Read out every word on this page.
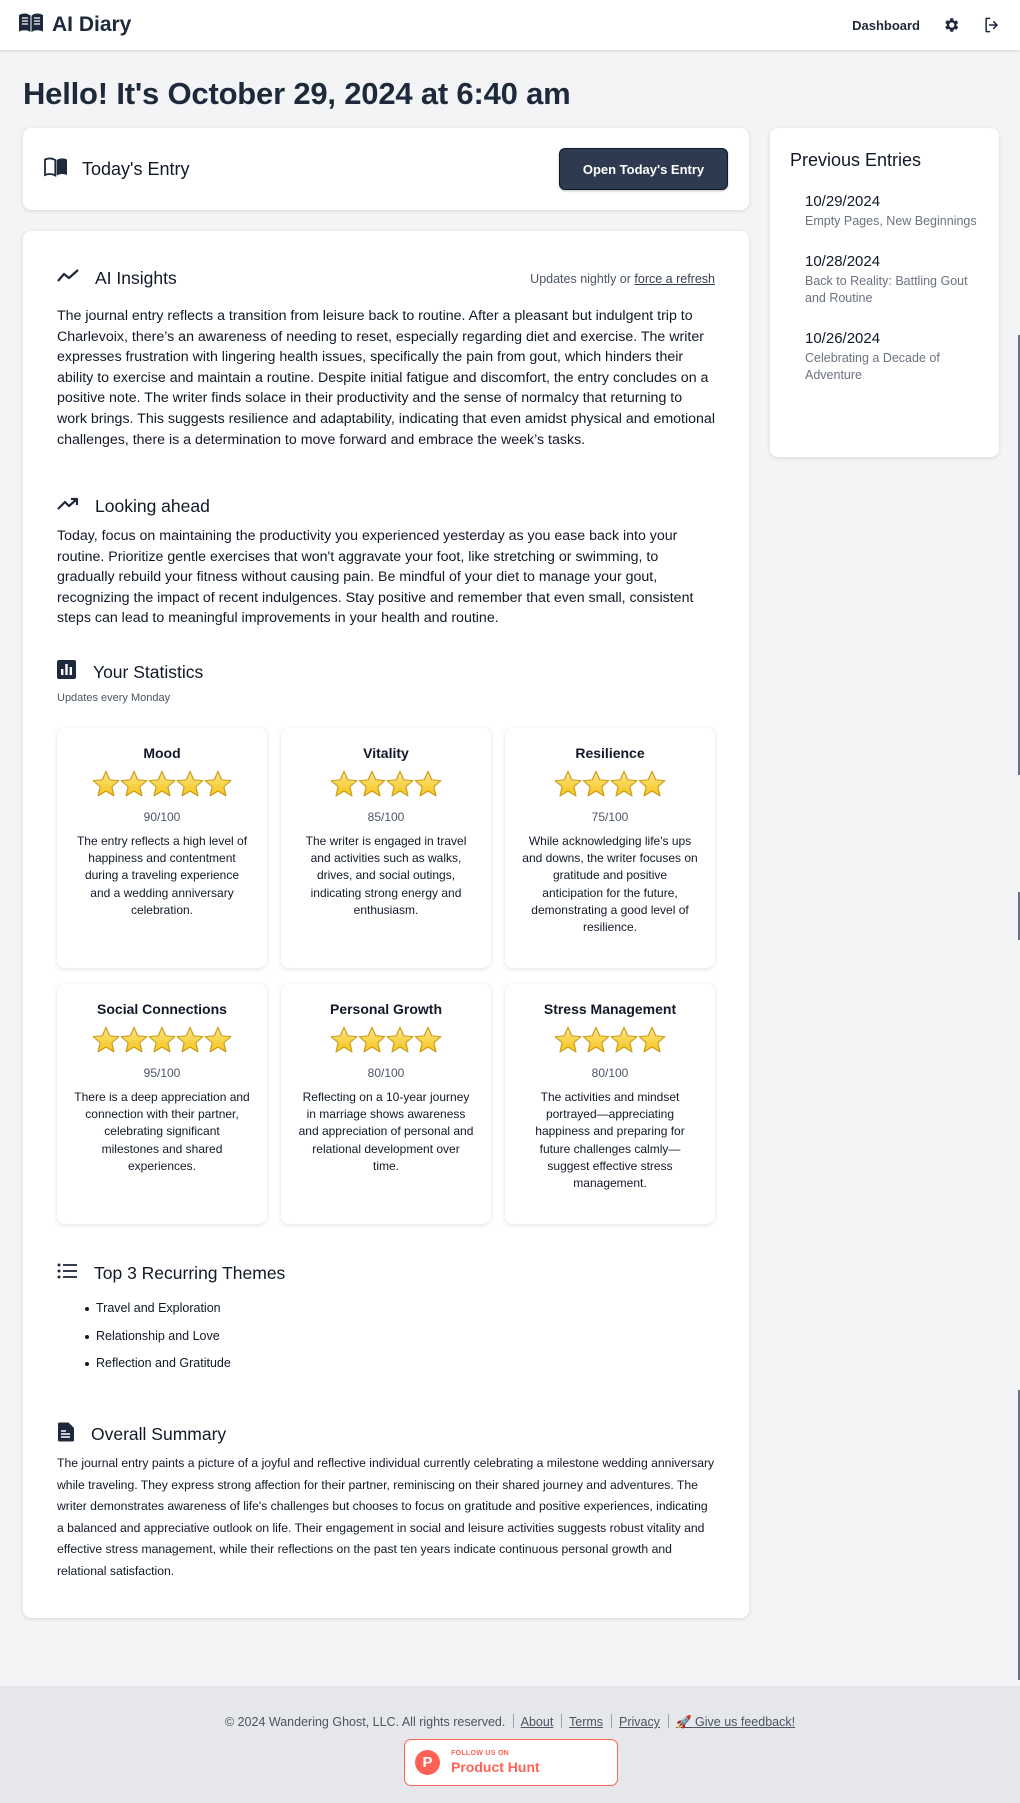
AI Diary	Dashboard
Hello! It's October 29, 2024 at 6:40 am
Today's Entry	Open Today's Entry	Previous Entries
10/29/2024
Empty Pages, New Beginnings
10/28/2024
Back to Reality: Battling Gout and Routine
10/26/2024
Celebrating a Decade of Adventure
AI Insights	Updates nightly or force a refresh

The journal entry reflects a transition from leisure back to routine. After a pleasant but indulgent trip to Charlevoix, there’s an awareness of needing to reset, especially regarding diet and exercise. The writer expresses frustration with lingering health issues, specifically the pain from gout, which hinders their ability to exercise and maintain a routine. Despite initial fatigue and discomfort, the entry concludes on a positive note. The writer finds solace in their productivity and the sense of normalcy that returning to work brings. This suggests resilience and adaptability, indicating that even amidst physical and emotional challenges, there is a determination to move forward and embrace the week’s tasks.

Looking ahead

Today, focus on maintaining the productivity you experienced yesterday as you ease back into your routine. Prioritize gentle exercises that won't aggravate your foot, like stretching or swimming, to gradually rebuild your fitness without causing pain. Be mindful of your diet to manage your gout, recognizing the impact of recent indulgences. Stay positive and remember that even small, consistent steps can lead to meaningful improvements in your health and routine.

Your Statistics
Updates every Monday
Mood
90/100
The entry reflects a high level of happiness and contentment during a traveling experience and a wedding anniversary celebration.
Vitality
85/100
The writer is engaged in travel and activities such as walks, drives, and social outings, indicating strong energy and enthusiasm.
Resilience
75/100
While acknowledging life's ups and downs, the writer focuses on gratitude and positive anticipation for the future, demonstrating a good level of resilience.
Social Connections
95/100
There is a deep appreciation and connection with their partner, celebrating significant milestones and shared experiences.
Personal Growth
80/100
Reflecting on a 10-year journey in marriage shows awareness and appreciation of personal and relational development over time.
Stress Management
80/100
The activities and mindset portrayed—appreciating happiness and preparing for future challenges calmly—suggest effective stress management.
Top 3 Recurring Themes
Travel and Exploration
Relationship and Love
Reflection and Gratitude
Overall Summary

The journal entry paints a picture of a joyful and reflective individual currently celebrating a milestone wedding anniversary while traveling. They express strong affection for their partner, reminiscing on their shared journey and adventures. The writer demonstrates awareness of life's challenges but chooses to focus on gratitude and positive experiences, indicating a balanced and appreciative outlook on life. Their engagement in social and leisure activities suggests robust vitality and effective stress management, while their reflections on the past ten years indicate continuous personal growth and relational satisfaction.

© 2024 Wandering Ghost, LLC. All rights reserved. About Terms Privacy 🚀 Give us feedback!
P
FOLLOW US ON
Product Hunt
